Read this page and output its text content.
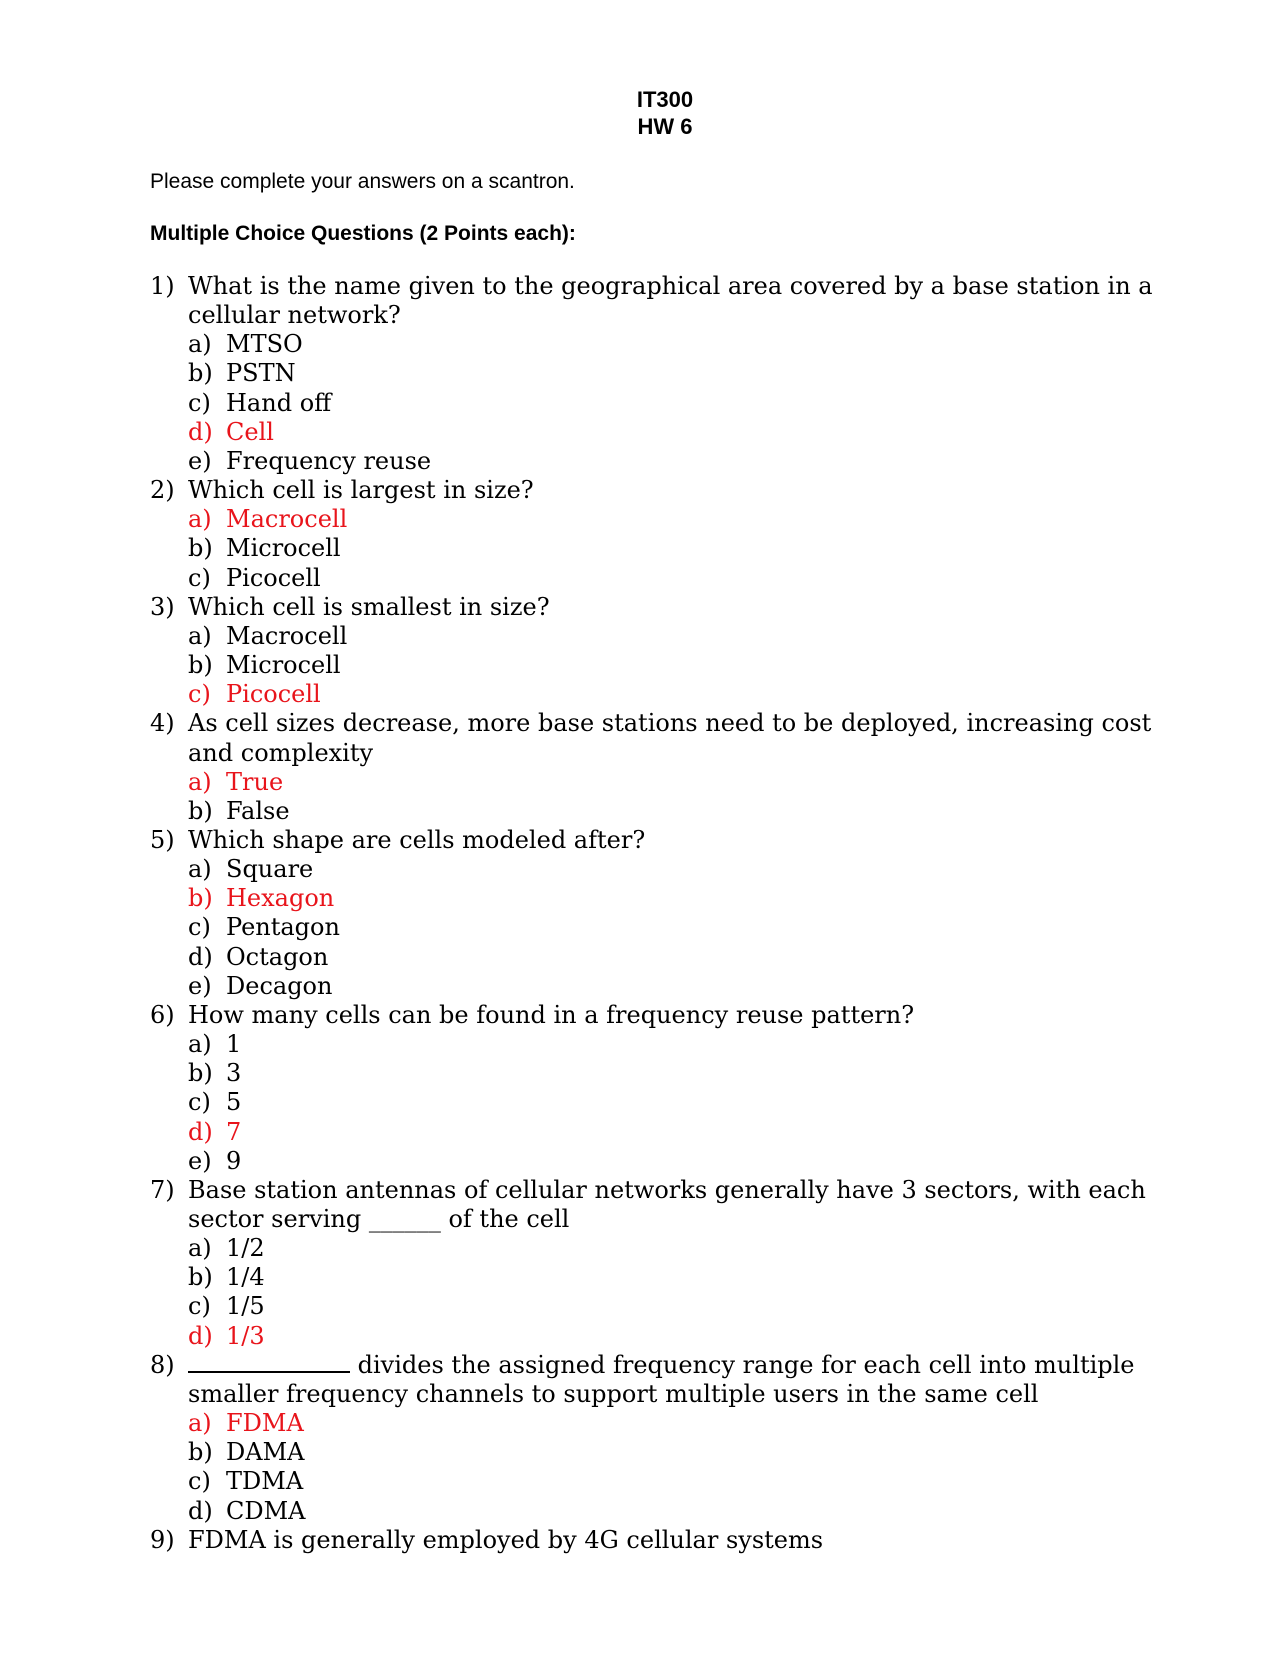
IT300
HW 6
Please complete your answers on a scantron.
Multiple Choice Questions (2 Points each):
1) What is the name given to the geographical area covered by a base station in a cellular network?
a) MTSO
b) PSTN
c) Hand off
d) Cell
e) Frequency reuse
2) Which cell is largest in size?
a) Macrocell
b) Microcell
c) Picocell
3) Which cell is smallest in size?
a) Macrocell
b) Microcell
c) Picocell
4) As cell sizes decrease, more base stations need to be deployed, increasing cost and complexity
a) True
b) False
5) Which shape are cells modeled after?
a) Square
b) Hexagon
c) Pentagon
d) Octagon
e) Decagon
6) How many cells can be found in a frequency reuse pattern?
a) 1
b) 3
c) 5
d) 7
e) 9
7) Base station antennas of cellular networks generally have 3 sectors, with each sector serving ______ of the cell
a) 1/2
b) 1/4
c) 1/5
d) 1/3
8)	divides the assigned frequency range for each cell into multiple smaller frequency channels to support multiple users in the same cell
a) FDMA
b) DAMA
c) TDMA
d) CDMA
9) FDMA is generally employed by 4G cellular systems
